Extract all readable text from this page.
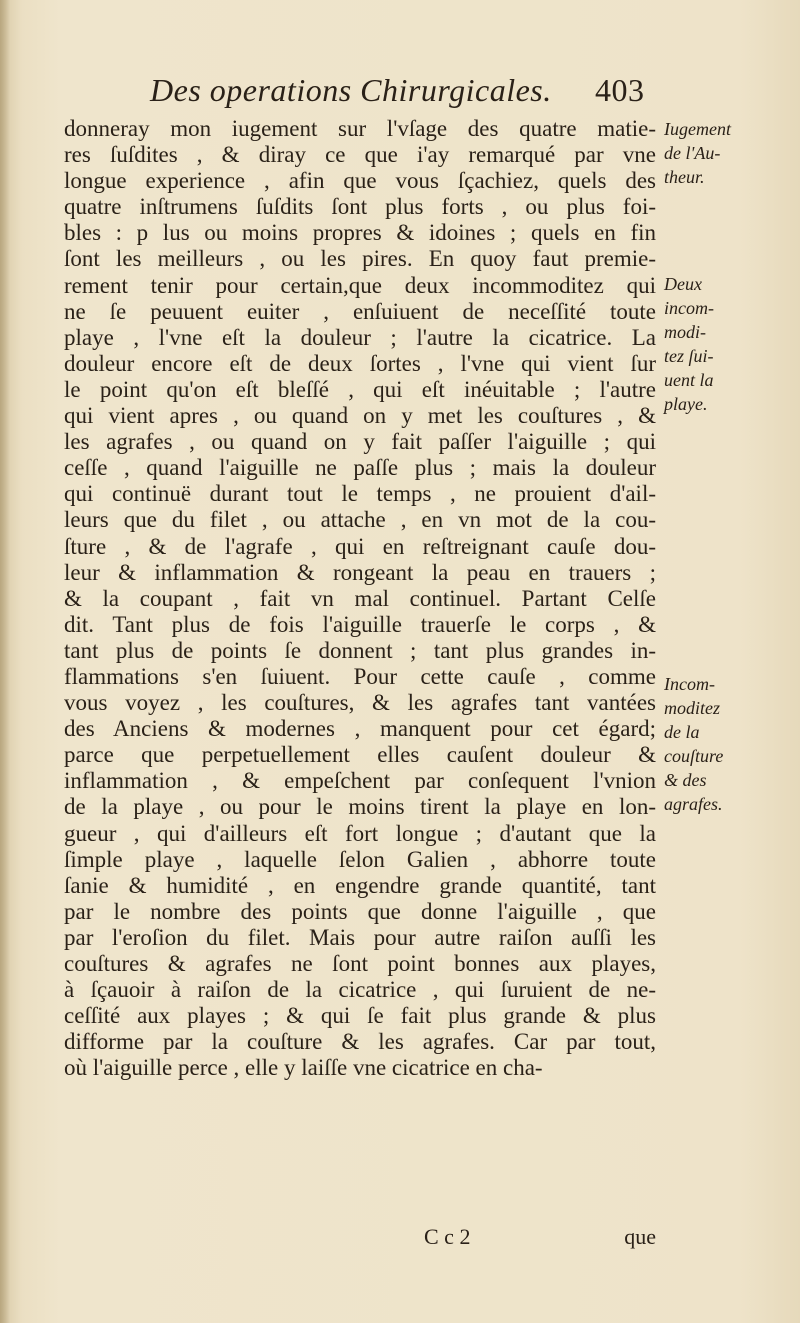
Des operations Chirurgicales. 403
donneray mon iugement sur l'vſage des quatre matie-
res ſuſdites , & diray ce que i'ay remarqué par vne
longue experience , afin que vous ſçachiez, quels des
quatre inſtrumens ſuſdits ſont plus forts , ou plus foi-
bles : p lus ou moins propres & idoines ; quels en fin
ſont les meilleurs , ou les pires. En quoy faut premie-
rement tenir pour certain,que deux incommoditez qui
ne ſe peuuent euiter , enſuiuent de neceſſité toute
playe , l'vne eſt la douleur ; l'autre la cicatrice. La
douleur encore eſt de deux ſortes , l'vne qui vient ſur
le point qu'on eſt bleſſé , qui eſt inéuitable ; l'autre
qui vient apres , ou quand on y met les couſtures , &
les agrafes , ou quand on y fait paſſer l'aiguille ; qui
ceſſe , quand l'aiguille ne paſſe plus ; mais la douleur
qui continuë durant tout le temps , ne prouient d'ail-
leurs que du filet , ou attache , en vn mot de la cou-
ſture , & de l'agrafe , qui en reſtreignant cauſe dou-
leur & inflammation & rongeant la peau en trauers ;
& la coupant , fait vn mal continuel. Partant Celſe
dit. Tant plus de fois l'aiguille trauerſe le corps , &
tant plus de points ſe donnent ; tant plus grandes in-
flammations s'en ſuiuent. Pour cette cauſe , comme
vous voyez , les couſtures, & les agrafes tant vantées
des Anciens & modernes , manquent pour cet égard;
parce que perpetuellement elles cauſent douleur &
inflammation , & empeſchent par conſequent l'vnion
de la playe , ou pour le moins tirent la playe en lon-
gueur , qui d'ailleurs eſt fort longue ; d'autant que la
ſimple playe , laquelle ſelon Galien , abhorre toute
ſanie & humidité , en engendre grande quantité, tant
par le nombre des points que donne l'aiguille , que
par l'eroſion du filet. Mais pour autre raiſon auſſi les
couſtures & agrafes ne ſont point bonnes aux playes,
à ſçauoir à raiſon de la cicatrice , qui ſuruient de ne-
ceſſité aux playes ; & qui ſe fait plus grande & plus
difforme par la couſture & les agrafes. Car par tout,
où l'aiguille perce , elle y laiſſe vne cicatrice en cha-
Iugement
de l'Au-
theur.
Deux
incom-
modi-
tez ſui-
uent la
playe.
Incom-
moditez
de la
couſture
& des
agrafes.
C c 2	que
